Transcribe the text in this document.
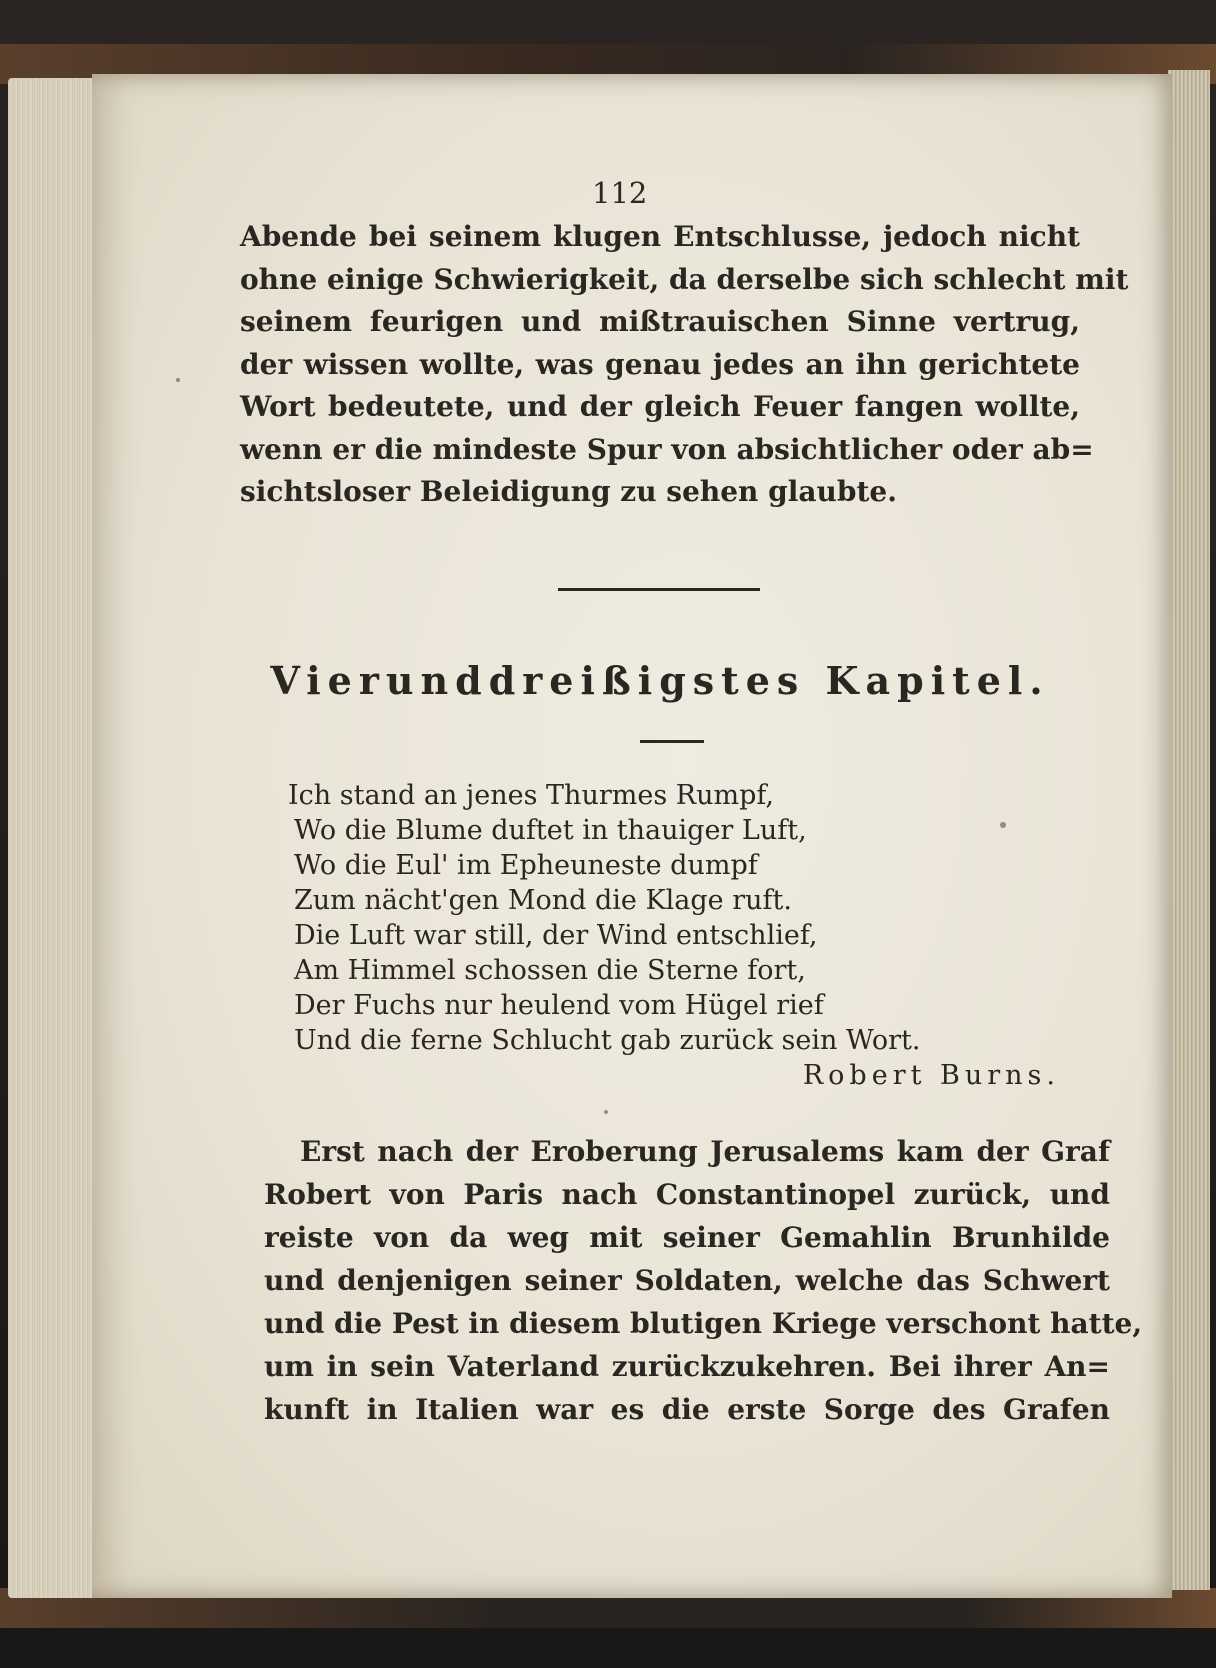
112
Abende bei seinem klugen Entschlusse, jedoch nicht
ohne einige Schwierigkeit, da derselbe sich schlecht mit
seinem feurigen und mißtrauischen Sinne vertrug,
der wissen wollte, was genau jedes an ihn gerichtete
Wort bedeutete, und der gleich Feuer fangen wollte,
wenn er die mindeste Spur von absichtlicher oder ab=
sichtsloser Beleidigung zu sehen glaubte.
Vierunddreißigstes Kapitel.
Ich stand an jenes Thurmes Rumpf,
Wo die Blume duftet in thauiger Luft,
Wo die Eul' im Epheuneste dumpf
Zum nächt'gen Mond die Klage ruft.
Die Luft war still, der Wind entschlief,
Am Himmel schossen die Sterne fort,
Der Fuchs nur heulend vom Hügel rief
Und die ferne Schlucht gab zurück sein Wort.
Robert Burns.
Erst nach der Eroberung Jerusalems kam der Graf
Robert von Paris nach Constantinopel zurück, und
reiste von da weg mit seiner Gemahlin Brunhilde
und denjenigen seiner Soldaten, welche das Schwert
und die Pest in diesem blutigen Kriege verschont hatte,
um in sein Vaterland zurückzukehren. Bei ihrer An=
kunft in Italien war es die erste Sorge des Grafen
